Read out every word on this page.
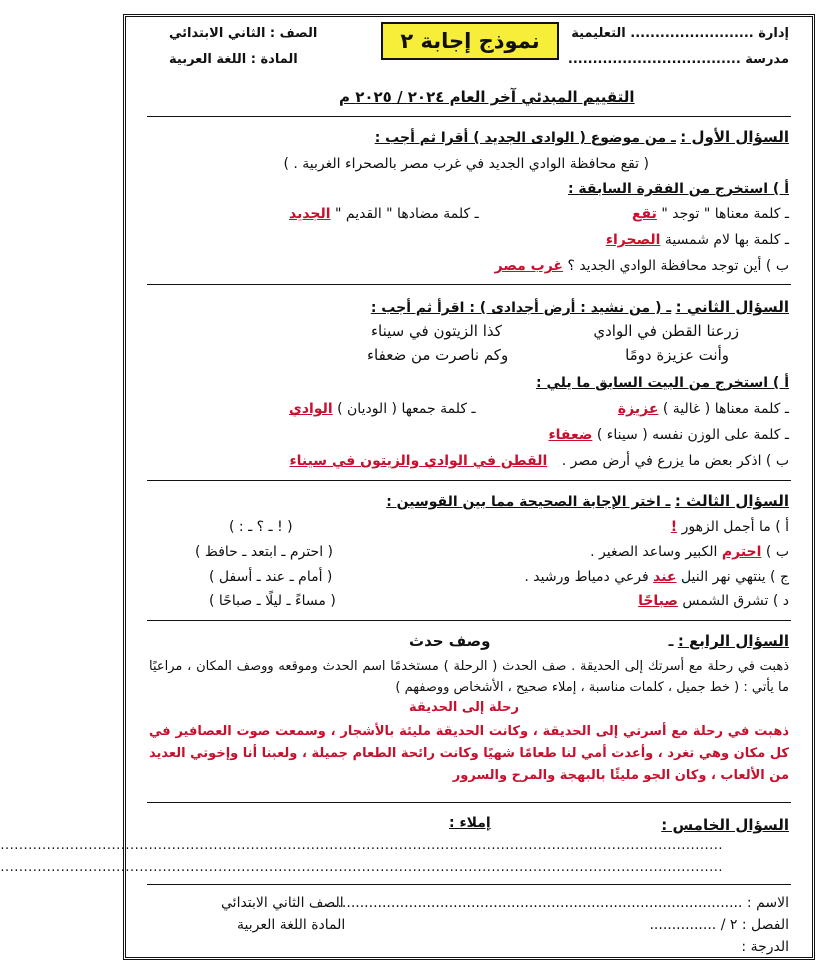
إدارة ......................... التعليمية
مدرسة ...................................
نموذج إجابة ٢
الصف : الثاني الابتدائي
المادة : اللغة العربية
التقييم المبدئي آخر العام ٢٠٢٤ / ٢٠٢٥ م
السؤال الأول : ـ من موضوع ( الوادى الجديد ) أقرا ثم أجب :
( تقع محافظة الوادي الجديد في غرب مصر بالصحراء الغربية . )
أ ) استخرج من الفقرة السابقة :
ـ كلمة معناها " توجد " تقع
ـ كلمة مضادها " القديم " الجديد
ـ كلمة بها لام شمسية الصحراء
ب ) أين توجد محافظة الوادي الجديد ؟ غرب مصر
السؤال الثاني : ـ ( من نشيد : أرض أجدادى ) : اقرأ ثم أجب :
زرعنا القطن في الوادي
كذا الزيتون في سيناء
وأنت عزيزة دومًا
وكم ناصرت من ضعفاء
أ ) استخرج من البيت السابق ما يلي :
ـ كلمة معناها ( غالية ) عزيزة
ـ كلمة جمعها ( الوديان ) الوادي
ـ كلمة على الوزن نفسه ( سيناء ) ضعفاء
ب ) اذكر بعض ما يزرع في أرض مصر . القطن في الوادي والزيتون في سيناء
السؤال الثالث : ـ اختر الإجابة الصحيحة مما بين القوسين :
أ ) ما أجمل الزهور !
( ! ـ ؟ ـ : )
ب ) احترم الكبير وساعد الصغير .
( احترم ـ ابتعد ـ حافظ )
ج ) ينتهي نهر النيل عند فرعي دمياط ورشيد .
( أمام ـ عند ـ أسفل )
د ) تشرق الشمس صباحًا
( مساءً ـ ليلًا ـ صباحًا )
السؤال الرابع : ـ
وصف حدث
ذهبت في رحلة مع أسرتك إلى الحديقة . صف الحدث ( الرحلة ) مستخدمًا اسم الحدث وموقعه ووصف المكان ، مراعيًا ما يأتي : ( خط جميل ، كلمات مناسبة ، إملاء صحيح ، الأشخاص ووصفهم )
رحلة إلى الحديقة
ذهبت في رحلة مع أسرتي إلى الحديقة ، وكانت الحديقة مليئة بالأشجار ، وسمعت صوت العصافير في كل مكان وهي تغرد ، وأعدت أمي لنا طعامًا شهيًا وكانت رائحة الطعام جميلة ، ولعبنا أنا وإخوتي العديد من الألعاب ، وكان الجو مليئًا بالبهجة والمرح والسرور
السؤال الخامس :
إملاء :
............................................................................................................................................................
............................................................................................................................................................
الاسم : ............................................................................................
الفصل : ٢ / ...............
الدرجة :
الصف الثاني الابتدائي
المادة اللغة العربية
